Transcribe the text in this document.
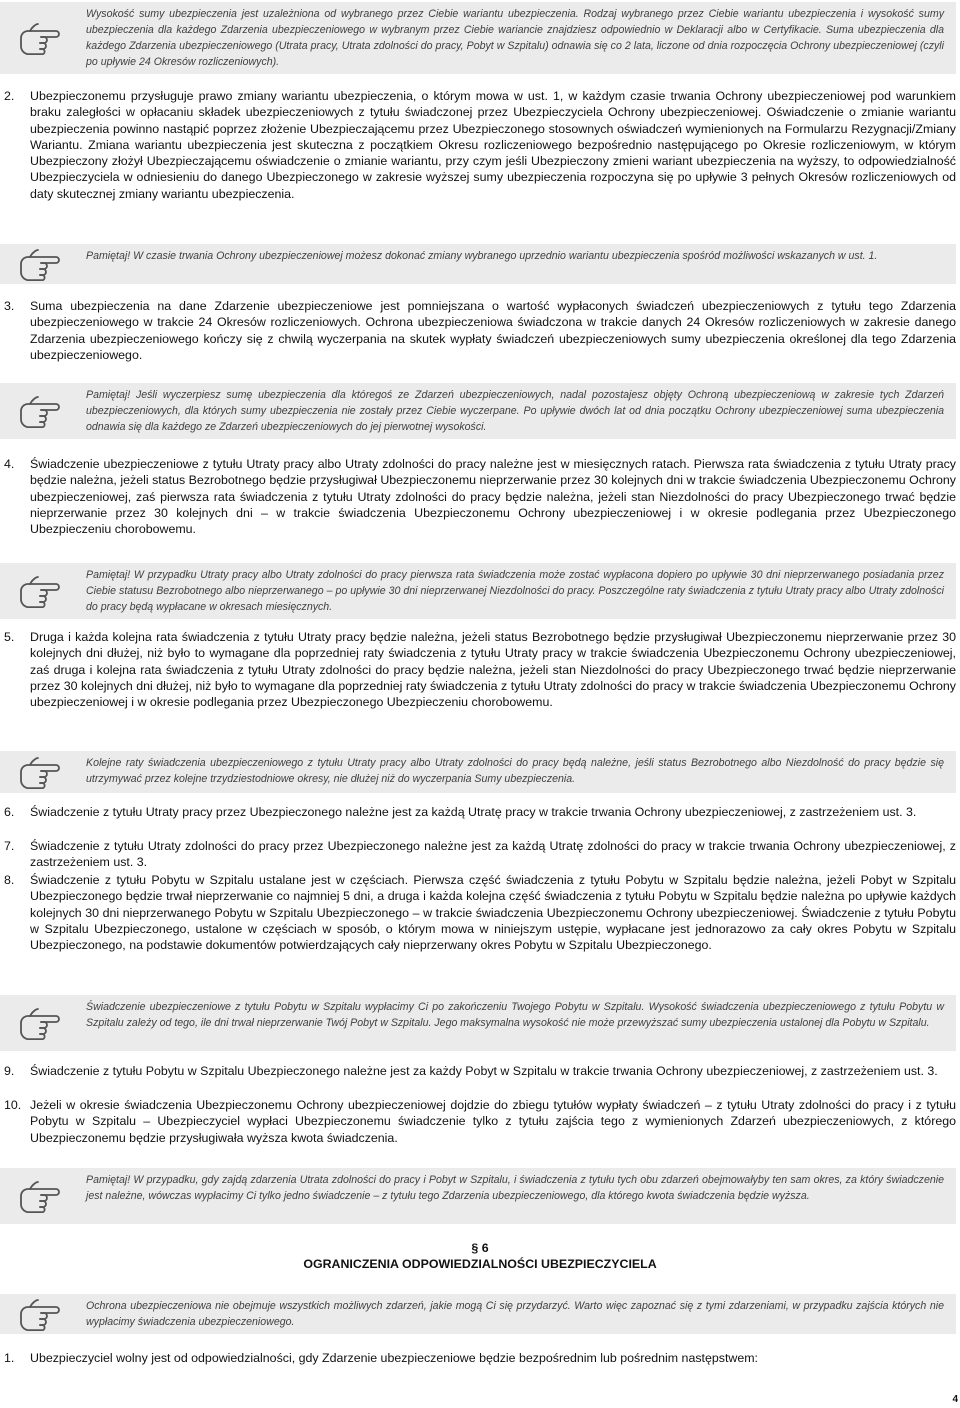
Wysokość sumy ubezpieczenia jest uzależniona od wybranego przez Ciebie wariantu ubezpieczenia. Rodzaj wybranego przez Ciebie wariantu ubezpieczenia i wysokość sumy ubezpieczenia dla każdego Zdarzenia ubezpieczeniowego w wybranym przez Ciebie wariancie znajdziesz odpowiednio w Deklaracji albo w Certyfikacie. Suma ubezpieczenia dla każdego Zdarzenia ubezpieczeniowego (Utrata pracy, Utrata zdolności do pracy, Pobyt w Szpitalu) odnawia się co 2 lata, liczone od dnia rozpoczęcia Ochrony ubezpieczeniowej (czyli po upływie 24 Okresów rozliczeniowych).
2. Ubezpieczonemu przysługuje prawo zmiany wariantu ubezpieczenia, o którym mowa w ust. 1, w każdym czasie trwania Ochrony ubezpieczeniowej pod warunkiem braku zaległości w opłacaniu składek ubezpieczeniowych z tytułu świadczonej przez Ubezpieczyciela Ochrony ubezpieczeniowej. Oświadczenie o zmianie wariantu ubezpieczenia powinno nastąpić poprzez złożenie Ubezpieczającemu przez Ubezpieczonego stosownych oświadczeń wymienionych na Formularzu Rezygnacji/Zmiany Wariantu. Zmiana wariantu ubezpieczenia jest skuteczna z początkiem Okresu rozliczeniowego bezpośrednio następującego po Okresie rozliczeniowym, w którym Ubezpieczony złożył Ubezpieczającemu oświadczenie o zmianie wariantu, przy czym jeśli Ubezpieczony zmieni wariant ubezpieczenia na wyższy, to odpowiedzialność Ubezpieczyciela w odniesieniu do danego Ubezpieczonego w zakresie wyższej sumy ubezpieczenia rozpoczyna się po upływie 3 pełnych Okresów rozliczeniowych od daty skutecznej zmiany wariantu ubezpieczenia.
Pamiętaj! W czasie trwania Ochrony ubezpieczeniowej możesz dokonać zmiany wybranego uprzednio wariantu ubezpieczenia spośród możliwości wskazanych w ust. 1.
3. Suma ubezpieczenia na dane Zdarzenie ubezpieczeniowe jest pomniejszana o wartość wypłaconych świadczeń ubezpieczeniowych z tytułu tego Zdarzenia ubezpieczeniowego w trakcie 24 Okresów rozliczeniowych. Ochrona ubezpieczeniowa świadczona w trakcie danych 24 Okresów rozliczeniowych w zakresie danego Zdarzenia ubezpieczeniowego kończy się z chwilą wyczerpania na skutek wypłaty świadczeń ubezpieczeniowych sumy ubezpieczenia określonej dla tego Zdarzenia ubezpieczeniowego.
Pamiętaj! Jeśli wyczerpiesz sumę ubezpieczenia dla któregoś ze Zdarzeń ubezpieczeniowych, nadal pozostajesz objęty Ochroną ubezpieczeniową w zakresie tych Zdarzeń ubezpieczeniowych, dla których sumy ubezpieczenia nie zostały przez Ciebie wyczerpane. Po upływie dwóch lat od dnia początku Ochrony ubezpieczeniowej suma ubezpieczenia odnawia się dla każdego ze Zdarzeń ubezpieczeniowych do jej pierwotnej wysokości.
4. Świadczenie ubezpieczeniowe z tytułu Utraty pracy albo Utraty zdolności do pracy należne jest w miesięcznych ratach. Pierwsza rata świadczenia z tytułu Utraty pracy będzie należna, jeżeli status Bezrobotnego będzie przysługiwał Ubezpieczonemu nieprzerwanie przez 30 kolejnych dni w trakcie świadczenia Ubezpieczonemu Ochrony ubezpieczeniowej, zaś pierwsza rata świadczenia z tytułu Utraty zdolności do pracy będzie należna, jeżeli stan Niezdolności do pracy Ubezpieczonego trwać będzie nieprzerwanie przez 30 kolejnych dni – w trakcie świadczenia Ubezpieczonemu Ochrony ubezpieczeniowej i w okresie podlegania przez Ubezpieczonego Ubezpieczeniu chorobowemu.
Pamiętaj! W przypadku Utraty pracy albo Utraty zdolności do pracy pierwsza rata świadczenia może zostać wypłacona dopiero po upływie 30 dni nieprzerwanego posiadania przez Ciebie statusu Bezrobotnego albo nieprzerwanego – po upływie 30 dni nieprzerwanej Niezdolności do pracy. Poszczególne raty świadczenia z tytułu Utraty pracy albo Utraty zdolności do pracy będą wypłacane w okresach miesięcznych.
5. Druga i każda kolejna rata świadczenia z tytułu Utraty pracy będzie należna, jeżeli status Bezrobotnego będzie przysługiwał Ubezpieczonemu nieprzerwanie przez 30 kolejnych dni dłużej, niż było to wymagane dla poprzedniej raty świadczenia z tytułu Utraty pracy w trakcie świadczenia Ubezpieczonemu Ochrony ubezpieczeniowej, zaś druga i kolejna rata świadczenia z tytułu Utraty zdolności do pracy będzie należna, jeżeli stan Niezdolności do pracy Ubezpieczonego trwać będzie nieprzerwanie przez 30 kolejnych dni dłużej, niż było to wymagane dla poprzedniej raty świadczenia z tytułu Utraty zdolności do pracy w trakcie świadczenia Ubezpieczonemu Ochrony ubezpieczeniowej i w okresie podlegania przez Ubezpieczonego Ubezpieczeniu chorobowemu.
Kolejne raty świadczenia ubezpieczeniowego z tytułu Utraty pracy albo Utraty zdolności do pracy będą należne, jeśli status Bezrobotnego albo Niezdolność do pracy będzie się utrzymywać przez kolejne trzydziestodniowe okresy, nie dłużej niż do wyczerpania Sumy ubezpieczenia.
6. Świadczenie z tytułu Utraty pracy przez Ubezpieczonego należne jest za każdą Utratę pracy w trakcie trwania Ochrony ubezpieczeniowej, z zastrzeżeniem ust. 3.
7. Świadczenie z tytułu Utraty zdolności do pracy przez Ubezpieczonego należne jest za każdą Utratę zdolności do pracy w trakcie trwania Ochrony ubezpieczeniowej, z zastrzeżeniem ust. 3.
8. Świadczenie z tytułu Pobytu w Szpitalu ustalane jest w częściach. Pierwsza część świadczenia z tytułu Pobytu w Szpitalu będzie należna, jeżeli Pobyt w Szpitalu Ubezpieczonego będzie trwał nieprzerwanie co najmniej 5 dni, a druga i każda kolejna część świadczenia z tytułu Pobytu w Szpitalu będzie należna po upływie każdych kolejnych 30 dni nieprzerwanego Pobytu w Szpitalu Ubezpieczonego – w trakcie świadczenia Ubezpieczonemu Ochrony ubezpieczeniowej. Świadczenie z tytułu Pobytu w Szpitalu Ubezpieczonego, ustalone w częściach w sposób, o którym mowa w niniejszym ustępie, wypłacane jest jednorazowo za cały okres Pobytu w Szpitalu Ubezpieczonego, na podstawie dokumentów potwierdzających cały nieprzerwany okres Pobytu w Szpitalu Ubezpieczonego.
Świadczenie ubezpieczeniowe z tytułu Pobytu w Szpitalu wypłacimy Ci po zakończeniu Twojego Pobytu w Szpitalu. Wysokość świadczenia ubezpieczeniowego z tytułu Pobytu w Szpitalu zależy od tego, ile dni trwał nieprzerwanie Twój Pobyt w Szpitalu. Jego maksymalna wysokość nie może przewyższać sumy ubezpieczenia ustalonej dla Pobytu w Szpitalu.
9. Świadczenie z tytułu Pobytu w Szpitalu Ubezpieczonego należne jest za każdy Pobyt w Szpitalu w trakcie trwania Ochrony ubezpieczeniowej, z zastrzeżeniem ust. 3.
10. Jeżeli w okresie świadczenia Ubezpieczonemu Ochrony ubezpieczeniowej dojdzie do zbiegu tytułów wypłaty świadczeń – z tytułu Utraty zdolności do pracy i z tytułu Pobytu w Szpitalu – Ubezpieczyciel wypłaci Ubezpieczonemu świadczenie tylko z tytułu zajścia tego z wymienionych Zdarzeń ubezpieczeniowych, z którego Ubezpieczonemu będzie przysługiwała wyższa kwota świadczenia.
Pamiętaj! W przypadku, gdy zajdą zdarzenia Utrata zdolności do pracy i Pobyt w Szpitalu, i świadczenia z tytułu tych obu zdarzeń obejmowałyby ten sam okres, za który świadczenie jest należne, wówczas wypłacimy Ci tylko jedno świadczenie – z tytułu tego Zdarzenia ubezpieczeniowego, dla którego kwota świadczenia będzie wyższa.
§ 6
OGRANICZENIA ODPOWIEDZIALNOŚCI UBEZPIECZYCIELA
Ochrona ubezpieczeniowa nie obejmuje wszystkich możliwych zdarzeń, jakie mogą Ci się przydarzyć. Warto więc zapoznać się z tymi zdarzeniami, w przypadku zajścia których nie wypłacimy świadczenia ubezpieczeniowego.
1. Ubezpieczyciel wolny jest od odpowiedzialności, gdy Zdarzenie ubezpieczeniowe będzie bezpośrednim lub pośrednim następstwem:
4
